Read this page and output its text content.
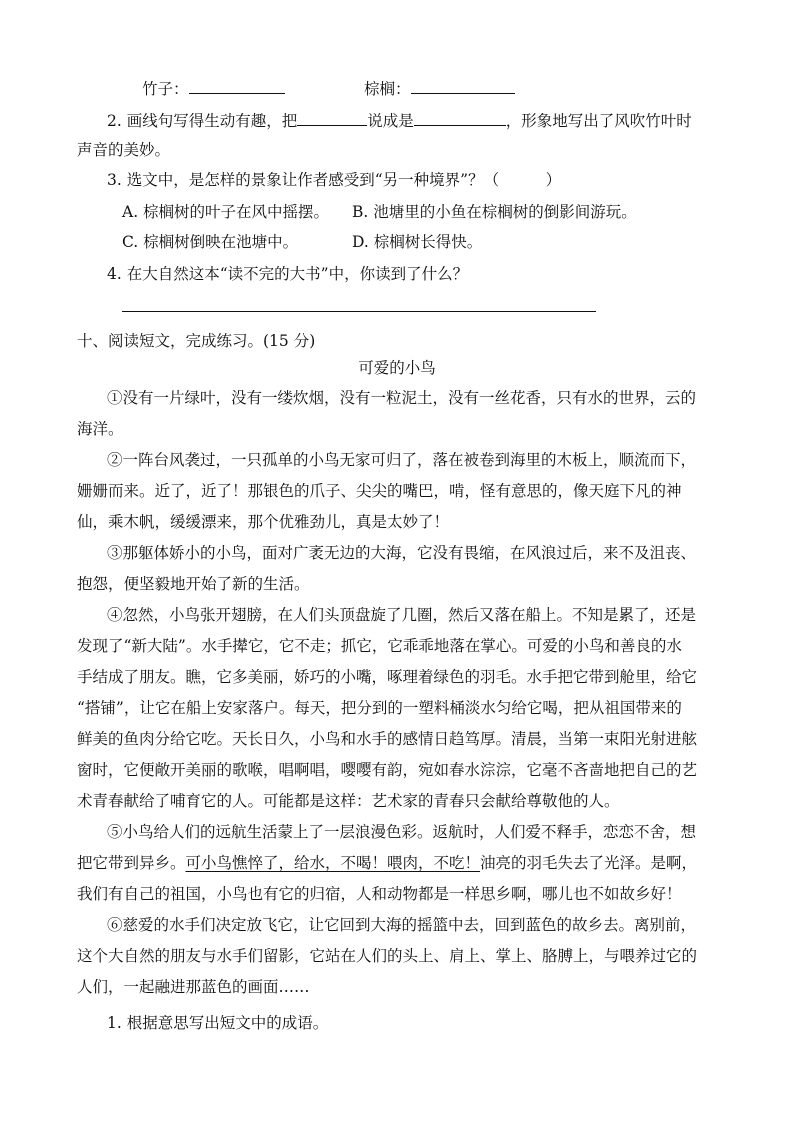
竹子：	棕榈：
2. 画线句写得生动有趣，把	说成是	，形象地写出了风吹竹叶时
声音的美妙。
3. 选文中，是怎样的景象让作者感受到“另一种境界”？（　　　）
A. 棕榈树的叶子在风中摇摆。 B. 池塘里的小鱼在棕榈树的倒影间游玩。
C. 棕榈树倒映在池塘中。	D. 棕榈树长得快。
4. 在大自然这本“读不完的大书”中，你读到了什么？
十、阅读短文，完成练习。(15 分)
可爱的小鸟
①没有一片绿叶，没有一缕炊烟，没有一粒泥土，没有一丝花香，只有水的世界，云的
海洋。
②一阵台风袭过，一只孤单的小鸟无家可归了，落在被卷到海里的木板上，顺流而下，
姗姗而来。近了，近了！那银色的爪子、尖尖的嘴巴，啃，怪有意思的，像天庭下凡的神
仙，乘木帆，缓缓漂来，那个优雅劲儿，真是太妙了！
③那躯体娇小的小鸟，面对广袤无边的大海，它没有畏缩，在风浪过后，来不及沮丧、
抱怨，便坚毅地开始了新的生活。
④忽然，小鸟张开翅膀，在人们头顶盘旋了几圈，然后又落在船上。不知是累了，还是
发现了“新大陆”。水手撵它，它不走；抓它，它乖乖地落在掌心。可爱的小鸟和善良的水
手结成了朋友。瞧，它多美丽，娇巧的小嘴，啄理着绿色的羽毛。水手把它带到舱里，给它
“搭铺”，让它在船上安家落户。每天，把分到的一塑料桶淡水匀给它喝，把从祖国带来的
鲜美的鱼肉分给它吃。天长日久，小鸟和水手的感情日趋笃厚。清晨，当第一束阳光射进舷
窗时，它便敞开美丽的歌喉，唱啊唱，嘤嘤有韵，宛如春水淙淙，它毫不吝啬地把自己的艺
术青春献给了哺育它的人。可能都是这样：艺术家的青春只会献给尊敬他的人。
⑤小鸟给人们的远航生活蒙上了一层浪漫色彩。返航时，人们爱不释手，恋恋不舍，想
把它带到异乡。可小鸟憔悴了，给水，不喝！喂肉，不吃！油亮的羽毛失去了光泽。是啊，
我们有自己的祖国，小鸟也有它的归宿，人和动物都是一样思乡啊，哪儿也不如故乡好！
⑥慈爱的水手们决定放飞它，让它回到大海的摇篮中去，回到蓝色的故乡去。离别前，
这个大自然的朋友与水手们留影，它站在人们的头上、肩上、掌上、胳膊上，与喂养过它的
人们，一起融进那蓝色的画面……
1. 根据意思写出短文中的成语。
